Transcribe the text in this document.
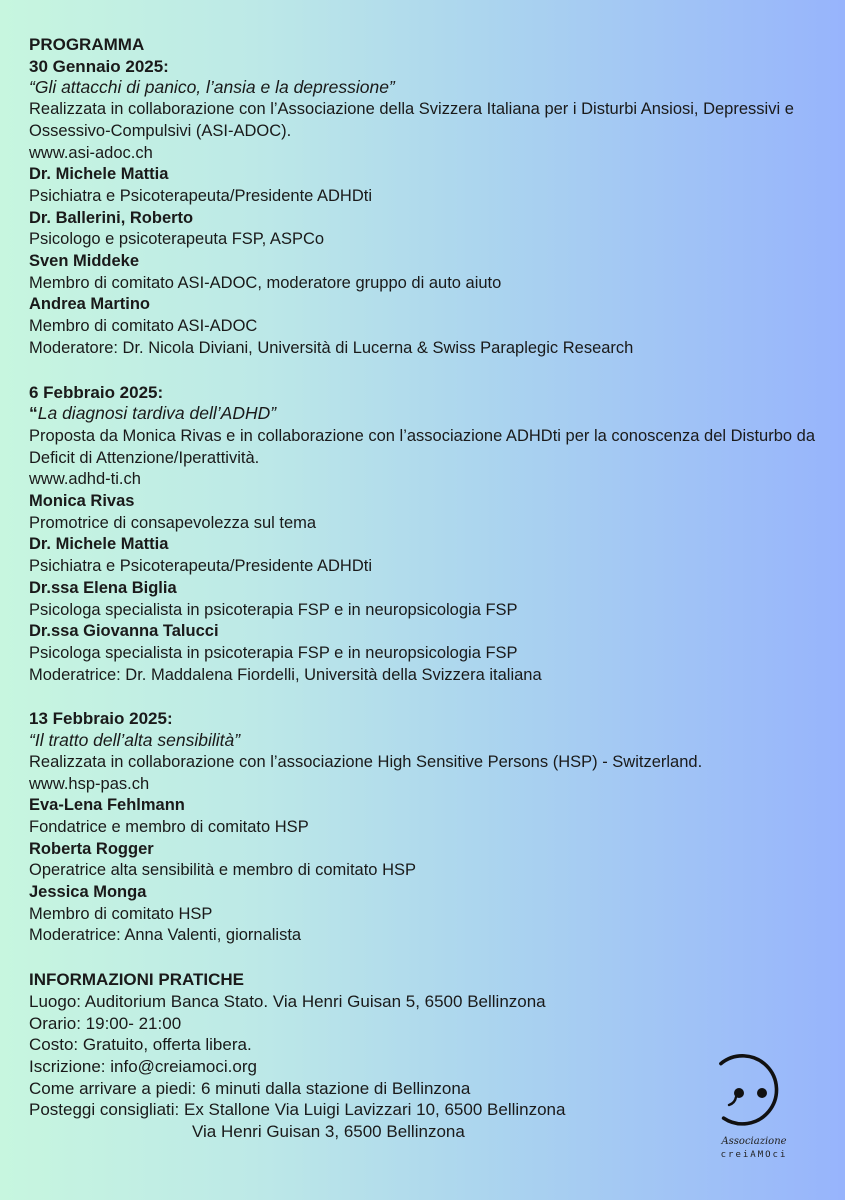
PROGRAMMA
30 Gennaio 2025:
“Gli attacchi di panico, l’ansia e la depressione”
Realizzata in collaborazione con l’Associazione della Svizzera Italiana per i Disturbi Ansiosi, Depressivi e Ossessivo-Compulsivi (ASI-ADOC).
www.asi-adoc.ch
Dr. Michele Mattia
Psichiatra e Psicoterapeuta/Presidente ADHDti
Dr. Ballerini, Roberto
Psicologo e psicoterapeuta FSP, ASPCo
Sven Middeke
Membro di comitato ASI-ADOC, moderatore gruppo di auto aiuto
Andrea Martino
Membro di comitato ASI-ADOC
Moderatore: Dr. Nicola Diviani, Università di Lucerna & Swiss Paraplegic Research
6 Febbraio 2025:
“La diagnosi tardiva dell’ADHD”
Proposta da Monica Rivas e in collaborazione con l’associazione ADHDti per la conoscenza del Disturbo da Deficit di Attenzione/Iperattività.
www.adhd-ti.ch
Monica Rivas
Promotrice di consapevolezza sul tema
Dr. Michele Mattia
Psichiatra e Psicoterapeuta/Presidente ADHDti
Dr.ssa Elena Biglia
Psicologa specialista in psicoterapia FSP e in neuropsicologia FSP
Dr.ssa Giovanna Talucci
Psicologa specialista in psicoterapia FSP e in neuropsicologia FSP
Moderatrice: Dr. Maddalena Fiordelli, Università della Svizzera italiana
13 Febbraio 2025:
“Il tratto dell’alta sensibilità”
Realizzata in collaborazione con l’associazione High Sensitive Persons (HSP) - Switzerland.
www.hsp-pas.ch
Eva-Lena Fehlmann
Fondatrice e membro di comitato HSP
Roberta Rogger
Operatrice alta sensibilità e membro di comitato HSP
Jessica Monga
Membro di comitato HSP
Moderatrice: Anna Valenti, giornalista
INFORMAZIONI PRATICHE
Luogo: Auditorium Banca Stato. Via Henri Guisan 5, 6500 Bellinzona
Orario: 19:00- 21:00
Costo: Gratuito, offerta libera.
Iscrizione: info@creiamoci.org
Come arrivare a piedi: 6 minuti dalla stazione di Bellinzona
Posteggi consigliati: Ex Stallone Via Luigi Lavizzari 10, 6500 Bellinzona
Via Henri Guisan 3, 6500 Bellinzona
Associazione
creiAMOci
